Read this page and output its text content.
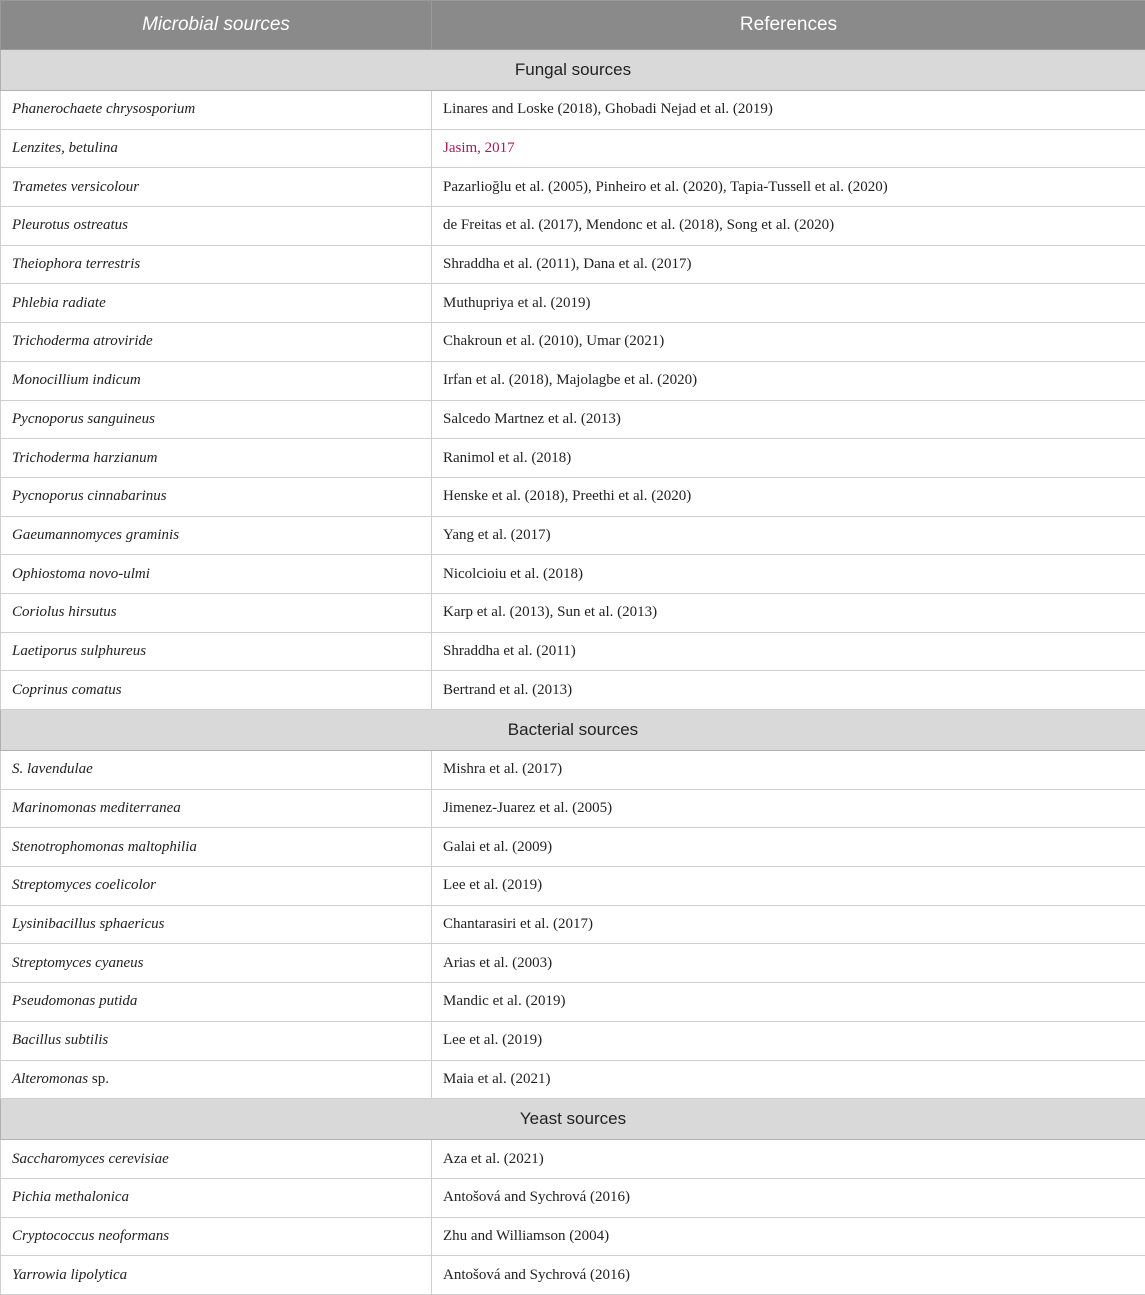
Microbial sources	References
Fungal sources	
Phanerochaete chrysosporium	Linares and Loske (2018), Ghobadi Nejad et al. (2019)
Lenzites, betulina	Jasim, 2017
Trametes versicolour	Pazarlioğlu et al. (2005), Pinheiro et al. (2020), Tapia-Tussell et al. (2020)
Pleurotus ostreatus	de Freitas et al. (2017), Mendonc et al. (2018), Song et al. (2020)
Theiophora terrestris	Shraddha et al. (2011), Dana et al. (2017)
Phlebia radiate	Muthupriya et al. (2019)
Trichoderma atroviride	Chakroun et al. (2010), Umar (2021)
Monocillium indicum	Irfan et al. (2018), Majolagbe et al. (2020)
Pycnoporus sanguineus	Salcedo Martnez et al. (2013)
Trichoderma harzianum	Ranimol et al. (2018)
Pycnoporus cinnabarinus	Henske et al. (2018), Preethi et al. (2020)
Gaeumannomyces graminis	Yang et al. (2017)
Ophiostoma novo-ulmi	Nicolcioiu et al. (2018)
Coriolus hirsutus	Karp et al. (2013), Sun et al. (2013)
Laetiporus sulphureus	Shraddha et al. (2011)
Coprinus comatus	Bertrand et al. (2013)
Bacterial sources	
S. lavendulae	Mishra et al. (2017)
Marinomonas mediterranea	Jimenez-Juarez et al. (2005)
Stenotrophomonas maltophilia	Galai et al. (2009)
Streptomyces coelicolor	Lee et al. (2019)
Lysinibacillus sphaericus	Chantarasiri et al. (2017)
Streptomyces cyaneus	Arias et al. (2003)
Pseudomonas putida	Mandic et al. (2019)
Bacillus subtilis	Lee et al. (2019)
Alteromonas sp.	Maia et al. (2021)
Yeast sources	
Saccharomyces cerevisiae	Aza et al. (2021)
Pichia methalonica	Antošová and Sychrová (2016)
Cryptococcus neoformans	Zhu and Williamson (2004)
Yarrowia lipolytica	Antošová and Sychrová (2016)
